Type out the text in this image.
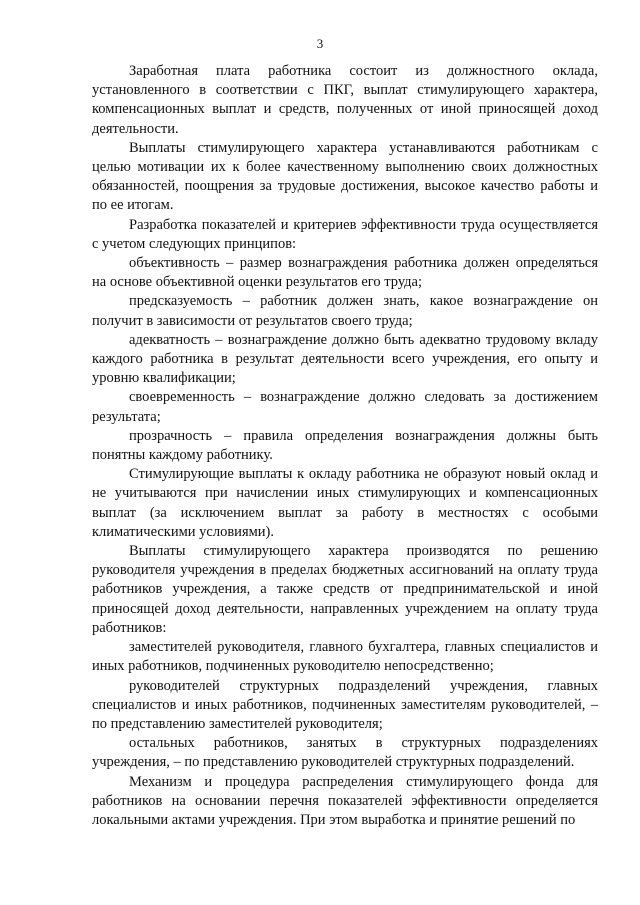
3

Заработная плата работника состоит из должностного оклада, установленного в соответствии с ПКГ, выплат стимулирующего характера, компенсационных выплат и средств, полученных от иной приносящей доход деятельности.

Выплаты стимулирующего характера устанавливаются работникам с целью мотивации их к более качественному выполнению своих должностных обязанностей, поощрения за трудовые достижения, высокое качество работы и по ее итогам.

Разработка показателей и критериев эффективности труда осуществляется с учетом следующих принципов:

объективность – размер вознаграждения работника должен определяться на основе объективной оценки результатов его труда;

предсказуемость – работник должен знать, какое вознаграждение он получит в зависимости от результатов своего труда;

адекватность – вознаграждение должно быть адекватно трудовому вкладу каждого работника в результат деятельности всего учреждения, его опыту и уровню квалификации;

своевременность – вознаграждение должно следовать за достижением результата;

прозрачность – правила определения вознаграждения должны быть понятны каждому работнику.

Стимулирующие выплаты к окладу работника не образуют новый оклад и не учитываются при начислении иных стимулирующих и компенсационных выплат (за исключением выплат за работу в местностях с особыми климатическими условиями).

Выплаты стимулирующего характера производятся по решению руководителя учреждения в пределах бюджетных ассигнований на оплату труда работников учреждения, а также средств от предпринимательской и иной приносящей доход деятельности, направленных учреждением на оплату труда работников:

заместителей руководителя, главного бухгалтера, главных специалистов и иных работников, подчиненных руководителю непосредственно;

руководителей структурных подразделений учреждения, главных специалистов и иных работников, подчиненных заместителям руководителей, – по представлению заместителей руководителя;

остальных работников, занятых в структурных подразделениях учреждения, – по представлению руководителей структурных подразделений.

Механизм и процедура распределения стимулирующего фонда для работников на основании перечня показателей эффективности определяется локальными актами учреждения. При этом выработка и принятие решений по
